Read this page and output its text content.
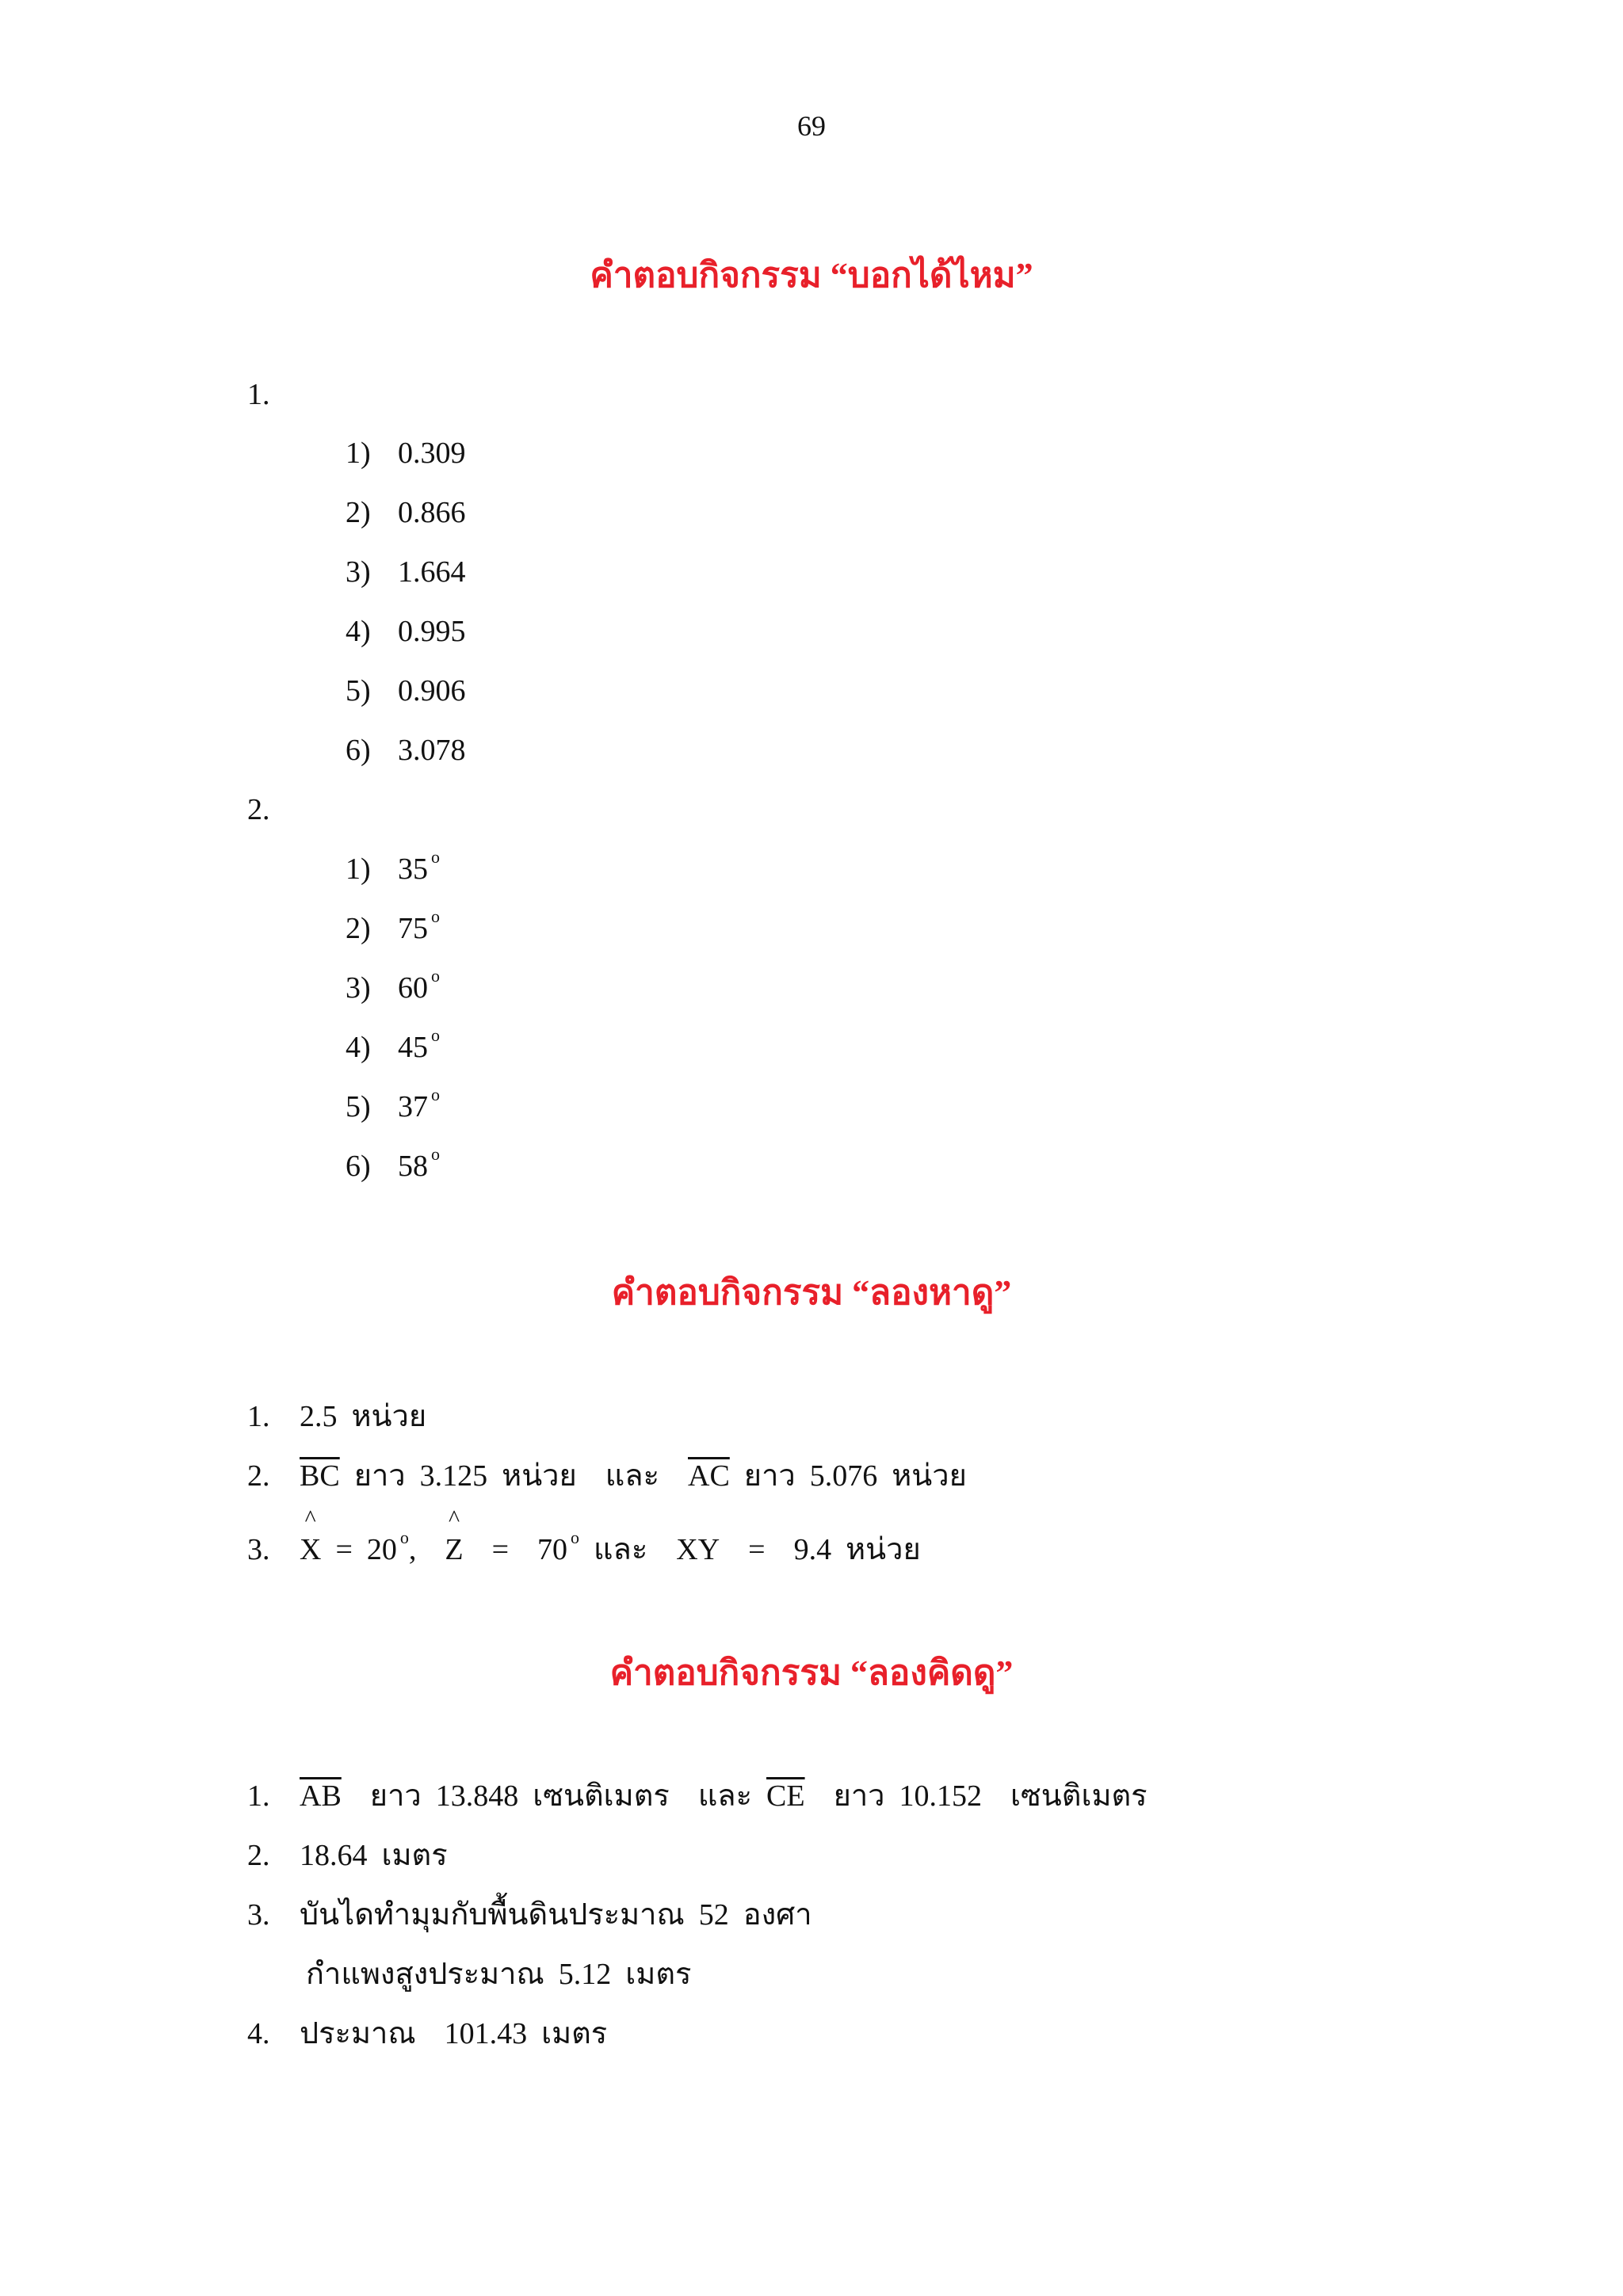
69
คำตอบกิจกรรม “บอกได้ไหม”
1.
1) 0.309
2) 0.866
3) 1.664
4) 0.995
5) 0.906
6) 3.078
2.
1) 35 $^o$
2) 75 $^o$
3) 60 $^o$
4) 45 $^o$
5) 37 $^o$
6) 58 $^o$
คำตอบกิจกรรม “ลองหาดู”
1. 2.5 หน่วย
2. $\overline{BC}$ ยาว 3.125 หน่วย และ $\overline{AC}$ ยาว 5.076 หน่วย
3. ^ X = 20 $^o$, ^ Z = 70 $^o$ และ XY = 9.4 หน่วย
คำตอบกิจกรรม “ลองคิดดู”
1. $\overline{AB}$ ยาว 13.848 เซนติเมตร และ $\overline{CE}$ ยาว 10.152 เซนติเมตร
2. 18.64 เมตร
3. บันไดทำมุมกับพื้นดินประมาณ 52 องศา
กำแพงสูงประมาณ 5.12 เมตร
4. ประมาณ 101.43 เมตร
